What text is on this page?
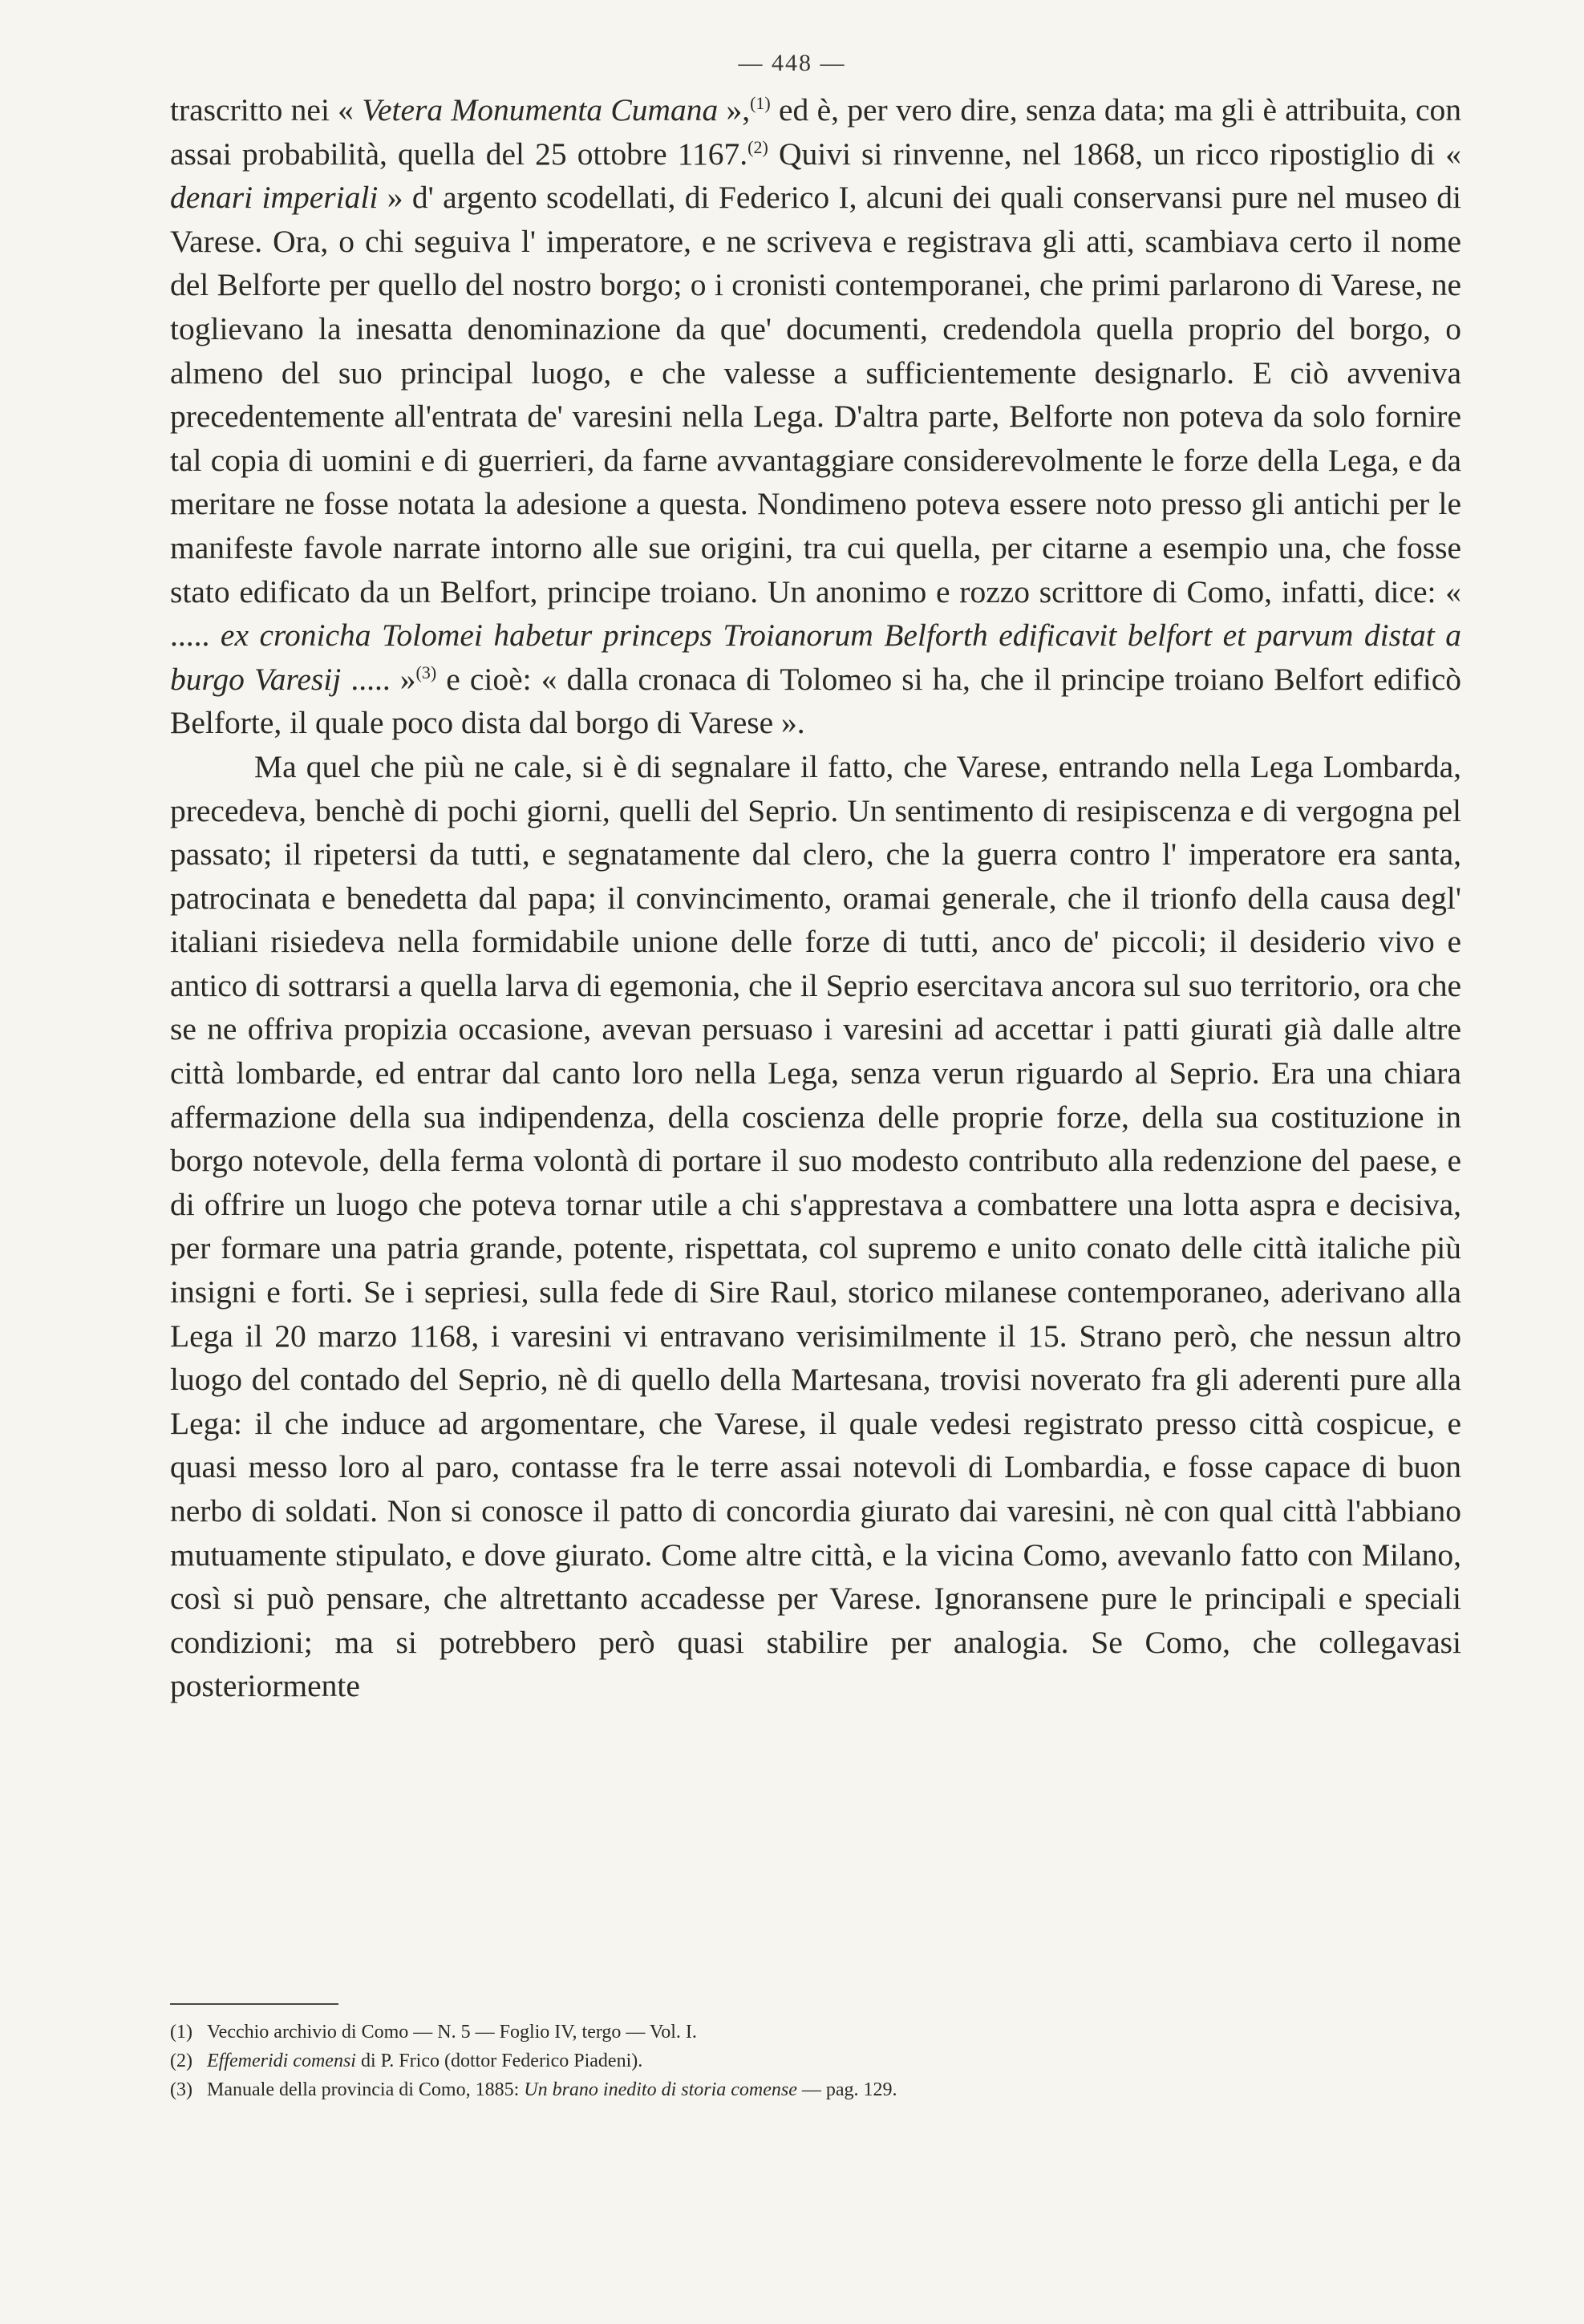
— 448 —

trascritto nei « Vetera Monumenta Cumana »,$^{(1)}$ ed è, per vero dire, senza data; ma gli è attribuita, con assai probabilità, quella del 25 ottobre 1167.$^{(2)}$ Quivi si rinvenne, nel 1868, un ricco ripostiglio di « denari imperiali » d' argento scodellati, di Federico I, alcuni dei quali conservansi pure nel museo di Varese. Ora, o chi seguiva l' imperatore, e ne scriveva e registrava gli atti, scambiava certo il nome del Belforte per quello del nostro borgo; o i cronisti contemporanei, che primi parlarono di Varese, ne toglievano la inesatta denominazione da que' documenti, credendola quella proprio del borgo, o almeno del suo principal luogo, e che valesse a sufficientemente designarlo. E ciò avveniva precedentemente all'entrata de' varesini nella Lega. D'altra parte, Belforte non poteva da solo fornire tal copia di uomini e di guerrieri, da farne avvantaggiare considerevolmente le forze della Lega, e da meritare ne fosse notata la adesione a questa. Nondimeno poteva essere noto presso gli antichi per le manifeste favole narrate intorno alle sue origini, tra cui quella, per citarne a esempio una, che fosse stato edificato da un Belfort, principe troiano. Un anonimo e rozzo scrittore di Como, infatti, dice: « ..... ex cronicha Tolomei habetur princeps Troianorum Belforth edificavit belfort et parvum distat a burgo Varesij ..... »$^{(3)}$ e cioè: « dalla cronaca di Tolomeo si ha, che il principe troiano Belfort edificò Belforte, il quale poco dista dal borgo di Varese ».

Ma quel che più ne cale, si è di segnalare il fatto, che Varese, entrando nella Lega Lombarda, precedeva, benchè di pochi giorni, quelli del Seprio. Un sentimento di resipiscenza e di vergogna pel passato; il ripetersi da tutti, e segnatamente dal clero, che la guerra contro l' imperatore era santa, patrocinata e benedetta dal papa; il convincimento, oramai generale, che il trionfo della causa degl' italiani risiedeva nella formidabile unione delle forze di tutti, anco de' piccoli; il desiderio vivo e antico di sottrarsi a quella larva di egemonia, che il Seprio esercitava ancora sul suo territorio, ora che se ne offriva propizia occasione, avevan persuaso i varesini ad accettar i patti giurati già dalle altre città lombarde, ed entrar dal canto loro nella Lega, senza verun riguardo al Seprio. Era una chiara affermazione della sua indipendenza, della coscienza delle proprie forze, della sua costituzione in borgo notevole, della ferma volontà di portare il suo modesto contributo alla redenzione del paese, e di offrire un luogo che poteva tornar utile a chi s'apprestava a combattere una lotta aspra e decisiva, per formare una patria grande, potente, rispettata, col supremo e unito conato delle città italiche più insigni e forti. Se i sepriesi, sulla fede di Sire Raul, storico milanese contemporaneo, aderivano alla Lega il 20 marzo 1168, i varesini vi entravano verisimilmente il 15. Strano però, che nessun altro luogo del contado del Seprio, nè di quello della Martesana, trovisi noverato fra gli aderenti pure alla Lega: il che induce ad argomentare, che Varese, il quale vedesi registrato presso città cospicue, e quasi messo loro al paro, contasse fra le terre assai notevoli di Lombardia, e fosse capace di buon nerbo di soldati. Non si conosce il patto di concordia giurato dai varesini, nè con qual città l'abbiano mutuamente stipulato, e dove giurato. Come altre città, e la vicina Como, avevanlo fatto con Milano, così si può pensare, che altrettanto accadesse per Varese. Ignoransene pure le principali e speciali condizioni; ma si potrebbero però quasi stabilire per analogia. Se Como, che collegavasi posteriormente

(1) Vecchio archivio di Como — N. 5 — Foglio IV, tergo — Vol. I.
(2) Effemeridi comensi di P. Frico (dottor Federico Piadeni).
(3) Manuale della provincia di Como, 1885: Un brano inedito di storia comense — pag. 129.
